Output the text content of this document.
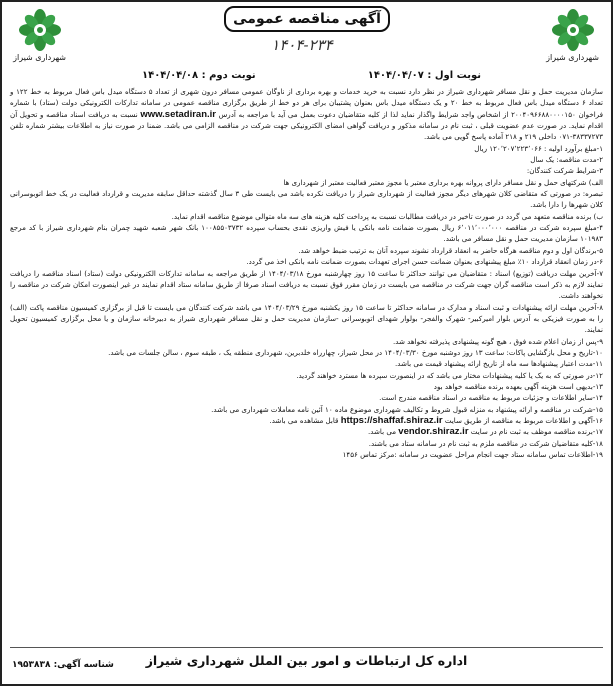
شهرداری شیراز
آگهی مناقصه عمومی
۱۴۰۴-۲۳۴
شهرداری شیراز
نوبت اول : ۱۴۰۴/۰۴/۰۷
نوبت دوم : ۱۴۰۴/۰۴/۰۸

سازمان مدیریت حمل و نقل مسافر شهرداری شیراز در نظر دارد نسبت به خرید خدمات و بهره برداری از ناوگان عمومی مسافر درون شهری از تعداد ۵ دستگاه میدل باس فعال مربوط به خط ۱۲۲ و تعداد ۶ دستگاه میدل باس فعال مربوط به خط ۲۰ و یک دستگاه میدل باس بعنوان پشتیبان برای هر دو خط از طریق برگزاری مناقصه عمومی در سامانه تدارکات الکترونیکی دولت (ستاد) با شماره فراخوان ۲۰۰۴۰۹۶۶۸۸۰۰۰۰۱۵۰ از اشخاص واجد شرایط واگذار نماید لذا از کلیه متقاضیان دعوت بعمل می آید با مراجعه به آدرس www.setadiran.ir نسبت به دریافت اسناد مناقصه و تحویل آن اقدام نماید. در صورت عدم عضویت قبلی ، ثبت نام در سامانه مذکور و دریافت گواهی امضای الکترونیکی جهت شرکت در مناقصه الزامی می باشد. ضمنا در صورت نیاز به اطلاعات بیشتر شماره تلفن ۳۸۳۳۷۲۷۳-۰۷۱ داخلی ۲۱۹ و ۲۱۸ آماده پاسخ گویی می باشد.

۱-مبلغ برآورد اولیه : ۱۲۰٬۲۰۷٬۲۲۳٬۰۶۶ ریال

۲-مدت مناقصه: یک سال

۳-شرایط شرکت کنندگان:

الف) شرکتهای حمل و نقل مسافر دارای پروانه بهره برداری معتبر یا مجوز معتبر فعالیت معتبر از شهرداری ها

تبصره: در صورتی که متقاضی کلان شهرهای دیگر مجوز فعالیت از شهرداری شیراز را دریافت نکرده باشد می بایست طی ۳ سال گذشته حداقل سابقه مدیریت و قرارداد فعالیت در یک خط اتوبوسرانی کلان شهرها را دارا باشد.

ب) برنده مناقصه متعهد می گردد در صورت تاخیر در دریافت مطالبات نسبت به پرداخت کلیه هزینه های سه ماه متوالی موضوع مناقصه اقدام نماید.

۴-مبلغ سپرده شرکت در مناقصه ۶٬۰۱۱٬۰۰۰٬۰۰۰ ریال بصورت ضمانت نامه بانکی یا فیش واریزی نقدی بحساب سپرده ۱۰۰۸۵۵۰۳۷۳۲ بانک شهر شعبه شهید چمران بنام شهرداری شیراز با کد مرجع ۱۰۱۹۸۳ سازمان مدیریت حمل و نقل مسافر می باشد.

۵-برندگان اول و دوم مناقصه هرگاه حاضر به انعقاد قرارداد نشوند سپرده آنان به ترتیب ضبط خواهد شد.

۶-در زمان انعقاد قرارداد ۱۰٪ مبلغ پیشنهادی بعنوان ضمانت حسن اجرای تعهدات بصورت ضمانت نامه بانکی اخذ می گردد.

۷-آخرین مهلت دریافت (توزیع) اسناد : متقاضیان می توانند حداکثر تا ساعت ۱۵ روز چهارشنبه مورخ ۱۴۰۴/۰۳/۱۸ از طریق مراجعه به سامانه تدارکات الکترونیکی دولت (ستاد) اسناد مناقصه را دریافت نمایند لازم به ذکر است مناقصه گران جهت شرکت در مناقصه می بایست در زمان مقرر فوق نسبت به دریافت اسناد صرفا از طریق سامانه ستاد اقدام نمایند در غیر اینصورت امکان شرکت در مناقصه را نخواهند داشت.

۸-آخرین مهلت ارائه پیشنهادات و ثبت اسناد و مدارک در سامانه حداکثر تا ساعت ۱۵ روز یکشنبه مورخ ۱۴۰۴/۰۳/۲۹ می باشد شرکت کنندگان می بایست تا قبل از برگزاری کمیسیون مناقصه پاکت (الف) را به صورت فیزیکی به آدرس بلوار امیرکبیر- شهرک والفجر- بولوار شهدای اتوبوسرانی -سازمان مدیریت حمل و نقل مسافر شهرداری شیراز به دبیرخانه سازمان و یا محل برگزاری کمیسیون تحویل نمایند.

۹-پس از زمان اعلام شده فوق ، هیچ گونه پیشنهادی پذیرفته نخواهد شد.

۱۰-تاریخ و محل بازگشایی پاکات: ساعت ۱۳ روز دوشنبه مورخ ۱۴۰۴/۰۳/۳۰ در محل شیراز، چهارراه خلدبرین، شهرداری منطقه یک ، طبقه سوم ، سالن جلسات می باشد.

۱۱-مدت اعتبار پیشنهادها سه ماه از تاریخ ارائه پیشنهاد قیمت می باشد.

۱۲-در صورتی که به یک یا کلیه پیشنهادات مختار می باشد که در اینصورت سپرده ها مسترد خواهند گردید.

۱۳-بدیهی است هزینه آگهی بعهده برنده مناقصه خواهد بود

۱۴-سایر اطلاعات و جزئیات مربوط به مناقصه در اسناد مناقصه مندرج است.

۱۵-شرکت در مناقصه و ارائه پیشنهاد به منزله قبول شروط و تکالیف شهرداری موضوع ماده ۱۰ آئین نامه معاملات شهرداری می باشد.

۱۶-آگهی و اطلاعات مربوط به مناقصه از طریق سایت https://shaffaf.shiraz.ir قابل مشاهده می باشد.

۱۷-برنده مناقصه موظف به ثبت نام در سایت vendor.shiraz.ir می باشد.

۱۸-کلیه متقاضیان شرکت در مناقصه ملزم به ثبت نام در سامانه ستاد می باشند.

۱۹-اطلاعات تماس سامانه ستاد جهت انجام مراحل عضویت در سامانه :مرکز تماس ۱۴۵۶

اداره کل ارتباطات و امور بین الملل شهرداری شیراز
شناسه آگهی: ۱۹۵۳۸۳۸
